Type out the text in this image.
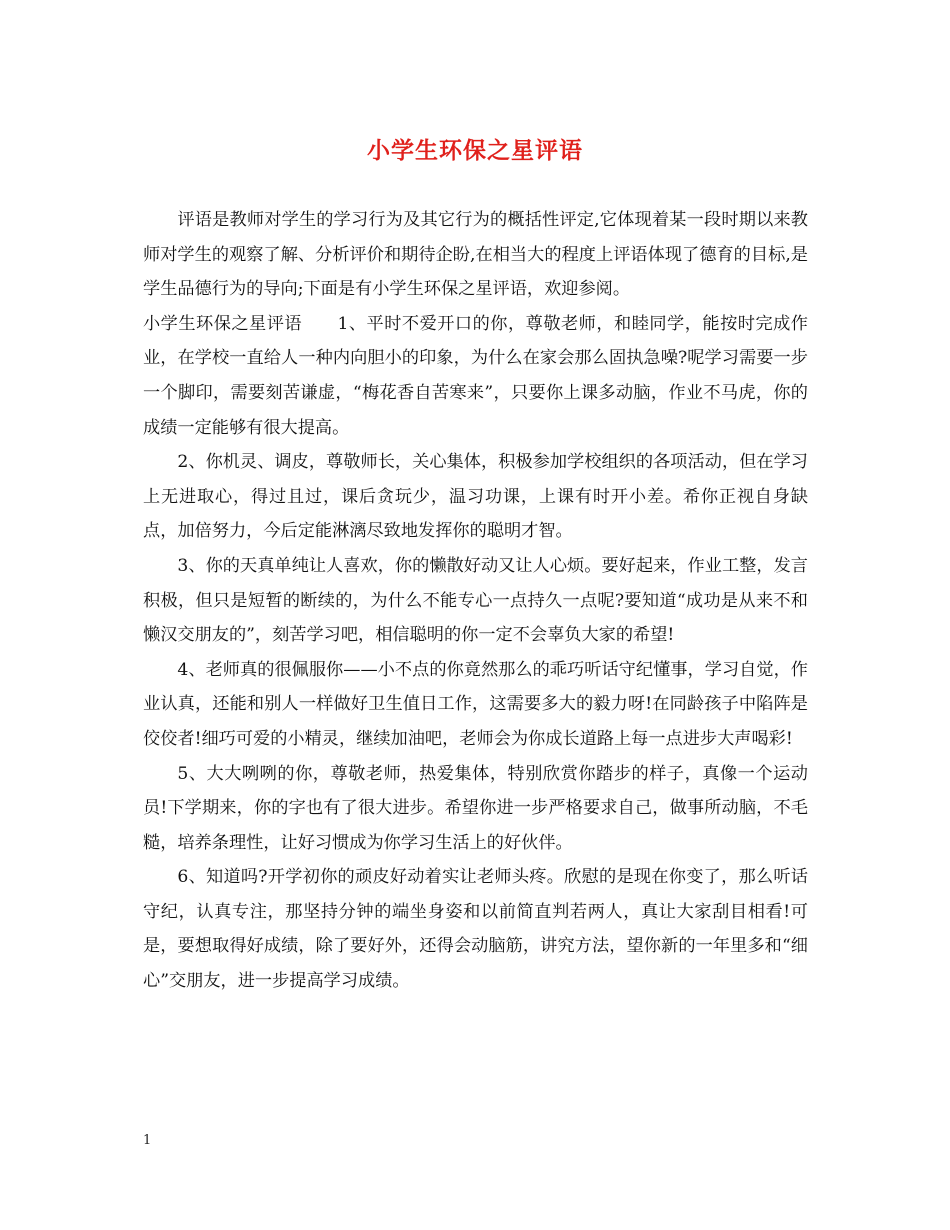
小学生环保之星评语

评语是教师对学生的学习行为及其它行为的概括性评定,它体现着某一段时期以来教师对学生的观察了解、分析评价和期待企盼,在相当大的程度上评语体现了德育的目标,是学生品德行为的导向;下面是有小学生环保之星评语，欢迎参阅。

小学生环保之星评语　　1、平时不爱开口的你，尊敬老师，和睦同学，能按时完成作业，在学校一直给人一种内向胆小的印象，为什么在家会那么固执急噪?呢学习需要一步一个脚印，需要刻苦谦虚，“梅花香自苦寒来”，只要你上课多动脑，作业不马虎，你的成绩一定能够有很大提高。

2、你机灵、调皮，尊敬师长，关心集体，积极参加学校组织的各项活动，但在学习上无进取心，得过且过，课后贪玩少，温习功课，上课有时开小差。希你正视自身缺点，加倍努力，今后定能淋漓尽致地发挥你的聪明才智。

3、你的天真单纯让人喜欢，你的懒散好动又让人心烦。要好起来，作业工整，发言积极，但只是短暂的断续的，为什么不能专心一点持久一点呢?要知道“成功是从来不和懒汉交朋友的”，刻苦学习吧，相信聪明的你一定不会辜负大家的希望!

4、老师真的很佩服你——小不点的你竟然那么的乖巧听话守纪懂事，学习自觉，作业认真，还能和别人一样做好卫生值日工作，这需要多大的毅力呀!在同龄孩子中陷阵是佼佼者!细巧可爱的小精灵，继续加油吧，老师会为你成长道路上每一点进步大声喝彩!

5、大大咧咧的你，尊敬老师，热爱集体，特别欣赏你踏步的样子，真像一个运动员!下学期来，你的字也有了很大进步。希望你进一步严格要求自己，做事所动脑，不毛糙，培养条理性，让好习惯成为你学习生活上的好伙伴。

6、知道吗?开学初你的顽皮好动着实让老师头疼。欣慰的是现在你变了，那么听话守纪，认真专注，那坚持分钟的端坐身姿和以前简直判若两人，真让大家刮目相看!可是，要想取得好成绩，除了要好外，还得会动脑筋，讲究方法，望你新的一年里多和“细心”交朋友，进一步提高学习成绩。

1
